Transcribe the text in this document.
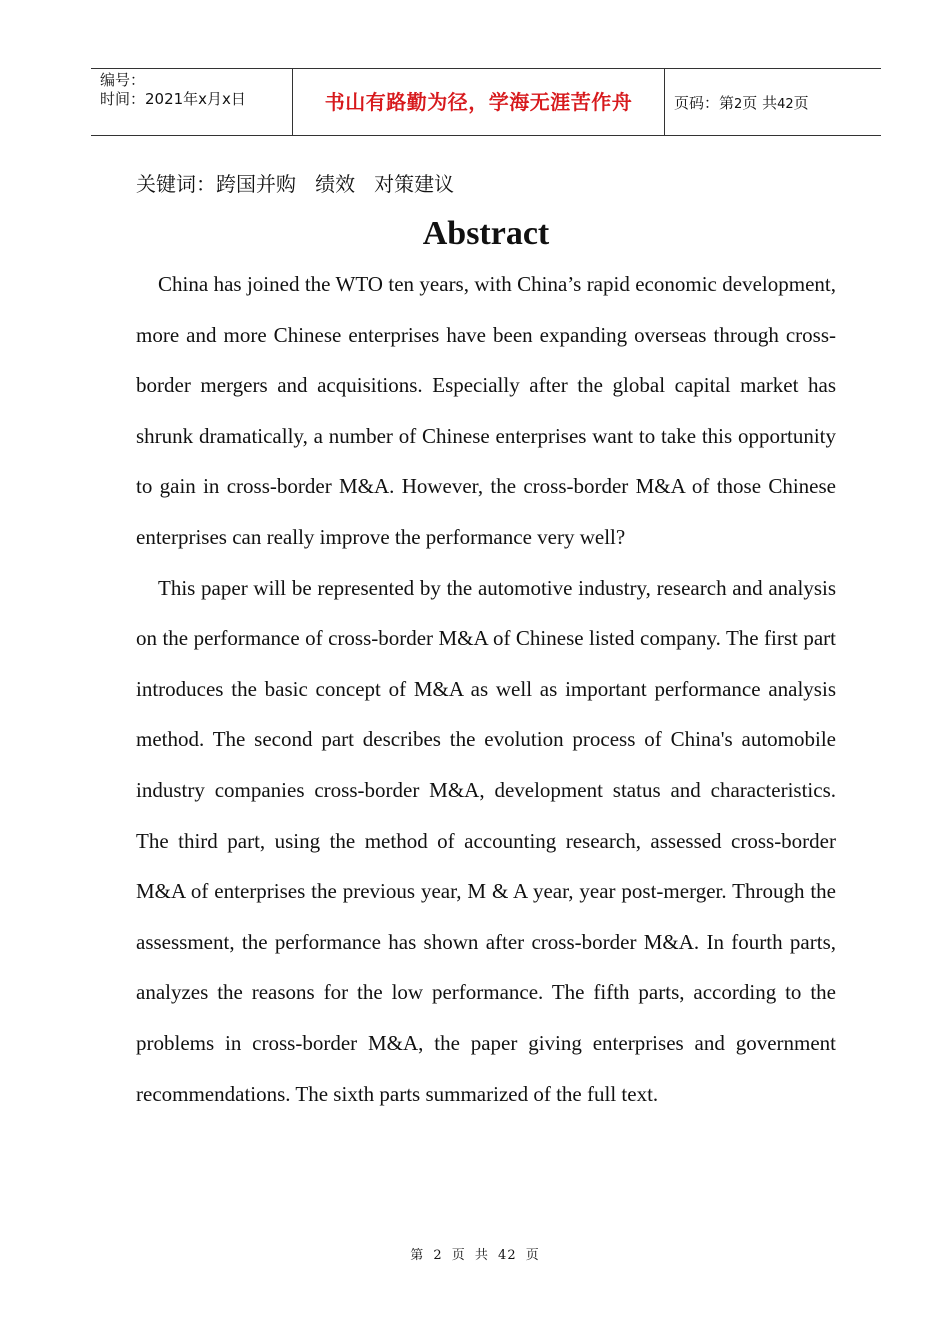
编号：
时间：2021年x月x日	书山有路勤为径，学海无涯苦作舟	页码：第2页 共42页
关键词：跨国并购   绩效   对策建议
Abstract

China has joined the WTO ten years, with China’s rapid economic development, more and more Chinese enterprises have been expanding overseas through cross-border mergers and acquisitions. Especially after the global capital market has shrunk dramatically, a number of Chinese enterprises want to take this opportunity to gain in cross-border M&A. However, the cross-border M&A of those Chinese enterprises can really improve the performance very well?

This paper will be represented by the automotive industry, research and analysis on the performance of cross-border M&A of Chinese listed company. The first part introduces the basic concept of M&A as well as important performance analysis method. The second part describes the evolution process of China's automobile industry companies cross-border M&A, development status and characteristics. The third part, using the method of accounting research, assessed cross-border M&A of enterprises the previous year, M & A year, year post-merger. Through the assessment, the performance has shown after cross-border M&A. In fourth parts, analyzes the reasons for the low performance. The fifth parts, according to the problems in cross-border M&A, the paper giving enterprises and government recommendations. The sixth parts summarized of the full text.

第 2 页 共 42 页
